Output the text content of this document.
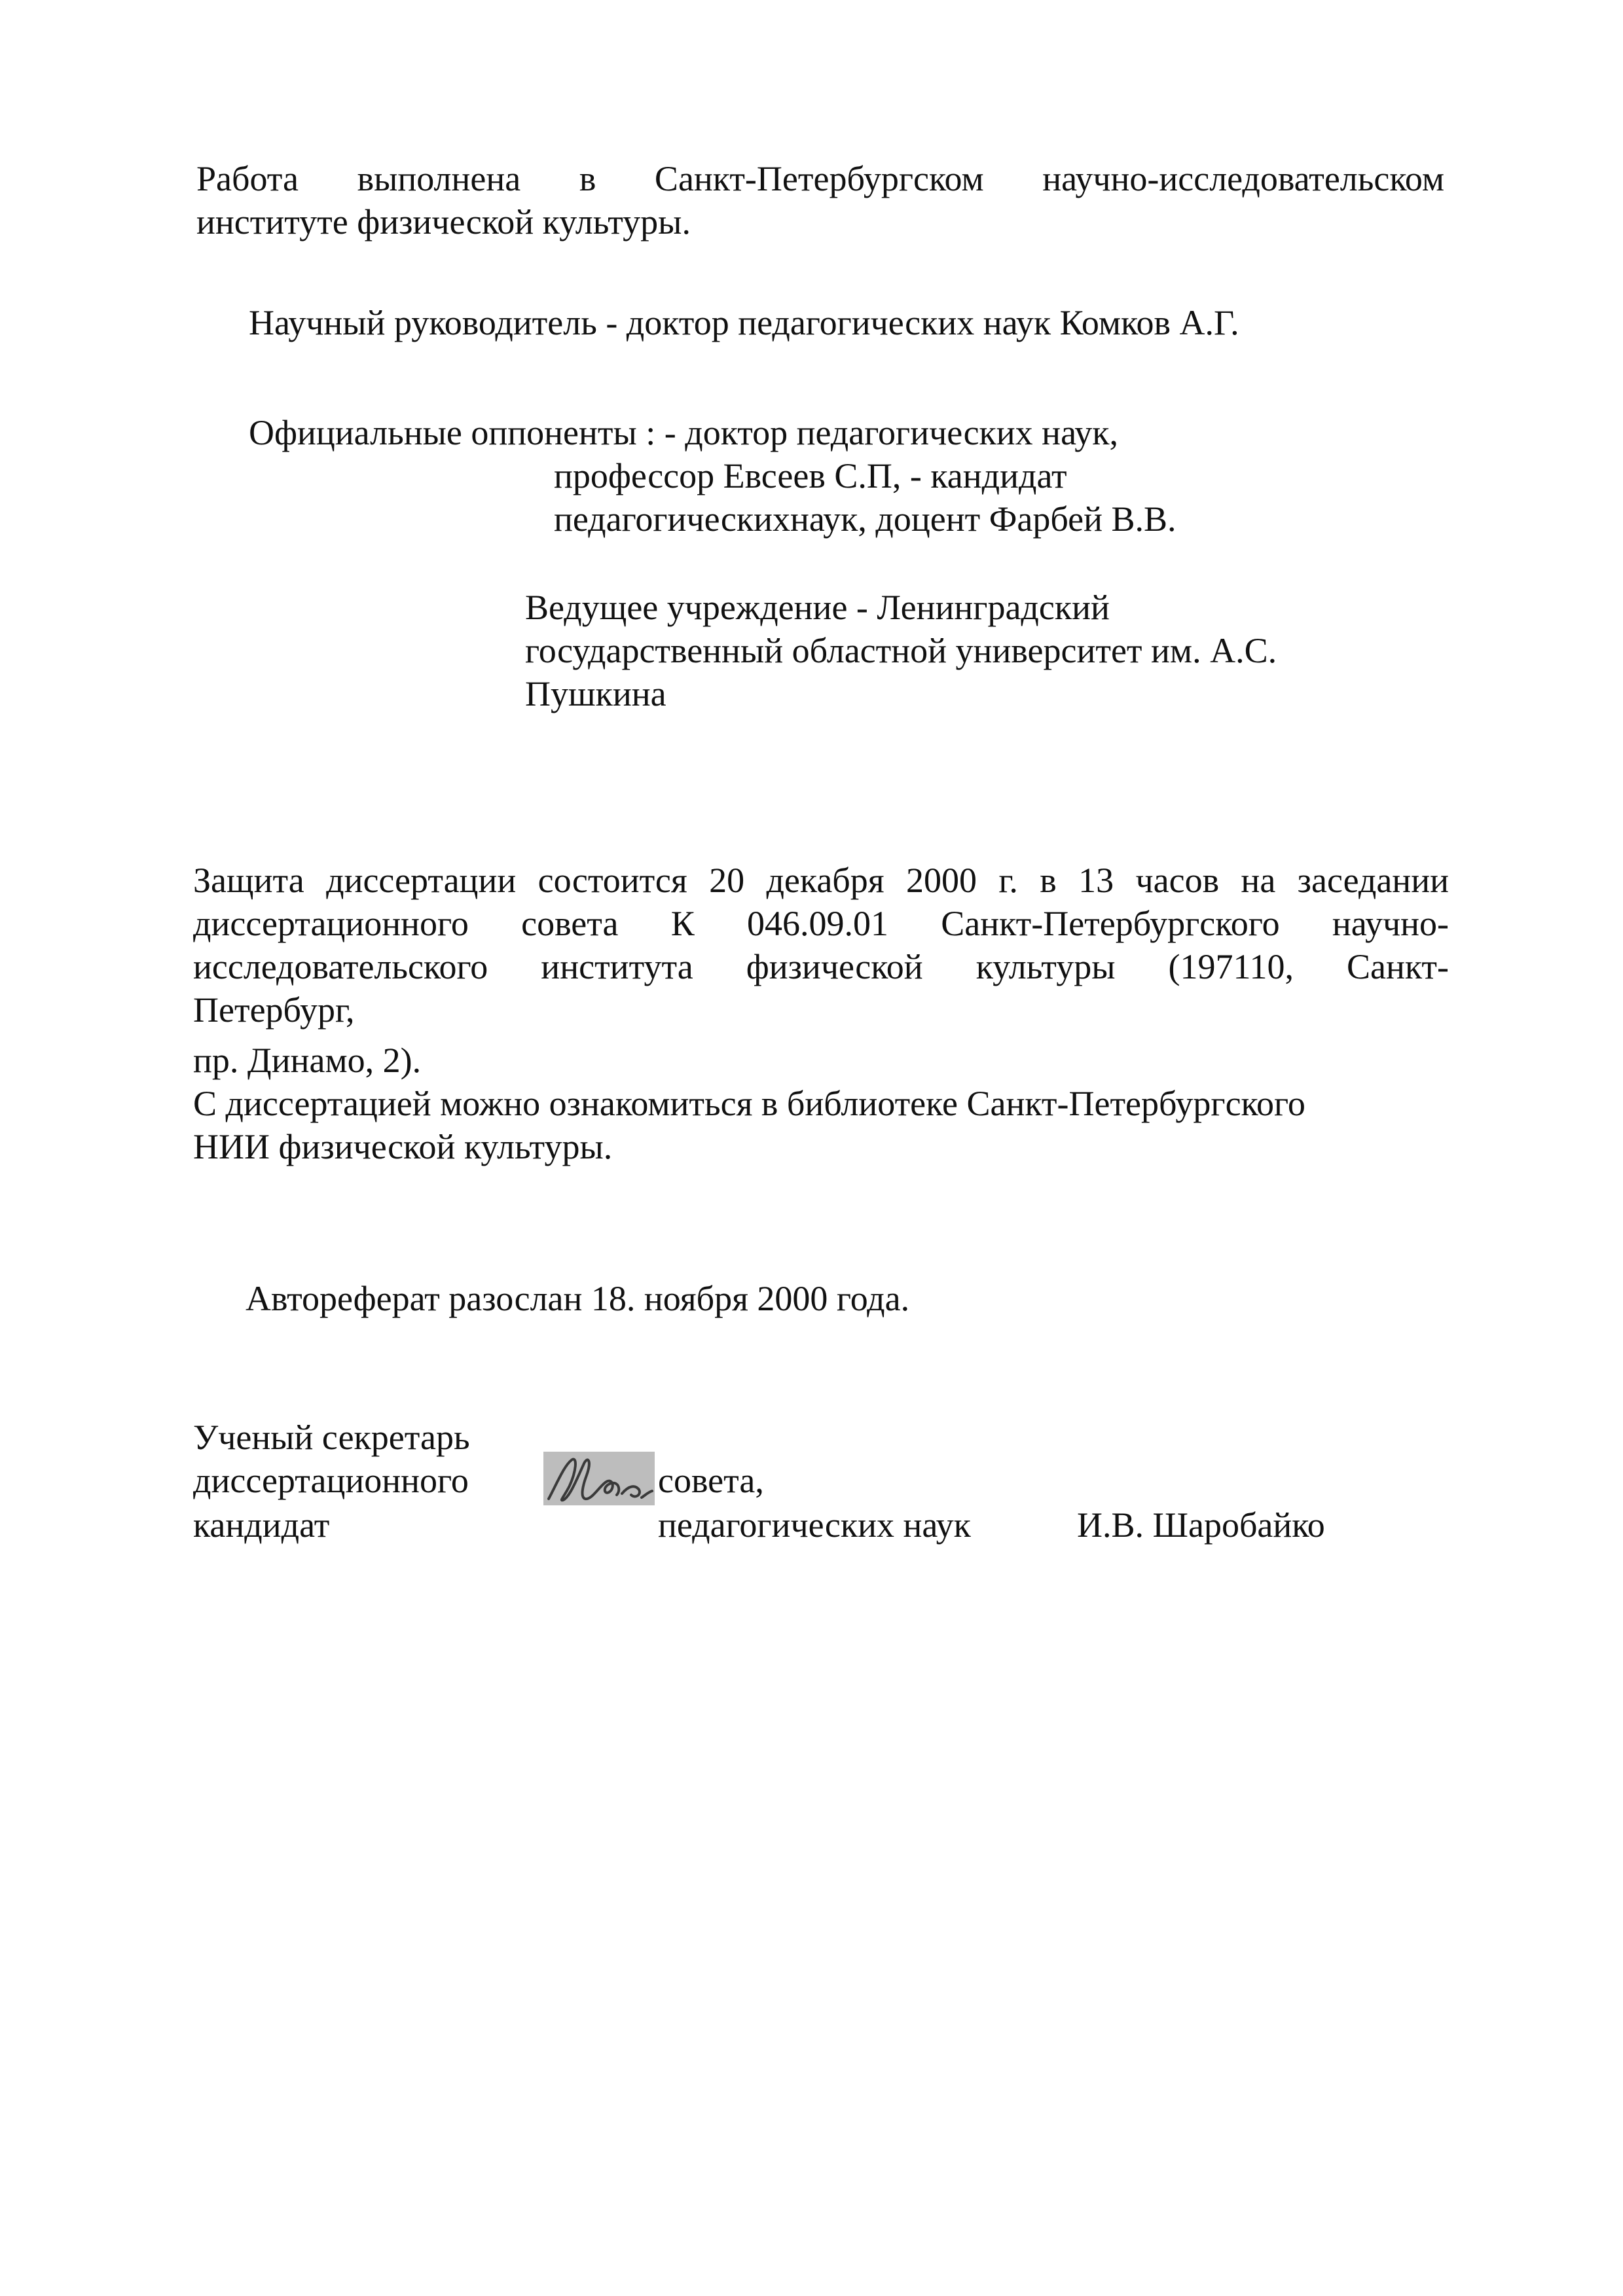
Работа выполнена в Санкт-Петербургском научно-исследовательском
институте физической культуры.
Научный руководитель - доктор педагогических наук Комков А.Г.
Официальные оппоненты : - доктор педагогических наук,
профессор Евсеев С.П, - кандидат
педагогическихнаук, доцент Фарбей В.В.
Ведущее учреждение - Ленинградский
государственный областной университет им. А.С.
Пушкина
Защита диссертации состоится 20 декабря 2000 г. в 13 часов на заседании
диссертационного совета К 046.09.01 Санкт-Петербургского научно-
исследовательского института физической культуры (197110, Санкт-
Петербург,
пр. Динамо, 2).
С диссертацией можно ознакомиться в библиотеке Санкт-Петербургского
НИИ физической культуры.
Автореферат разослан 18. ноября 2000 года.
Ученый секретарь
диссертационного	совета,
кандидат	педагогических наук	И.В. Шаробайко
